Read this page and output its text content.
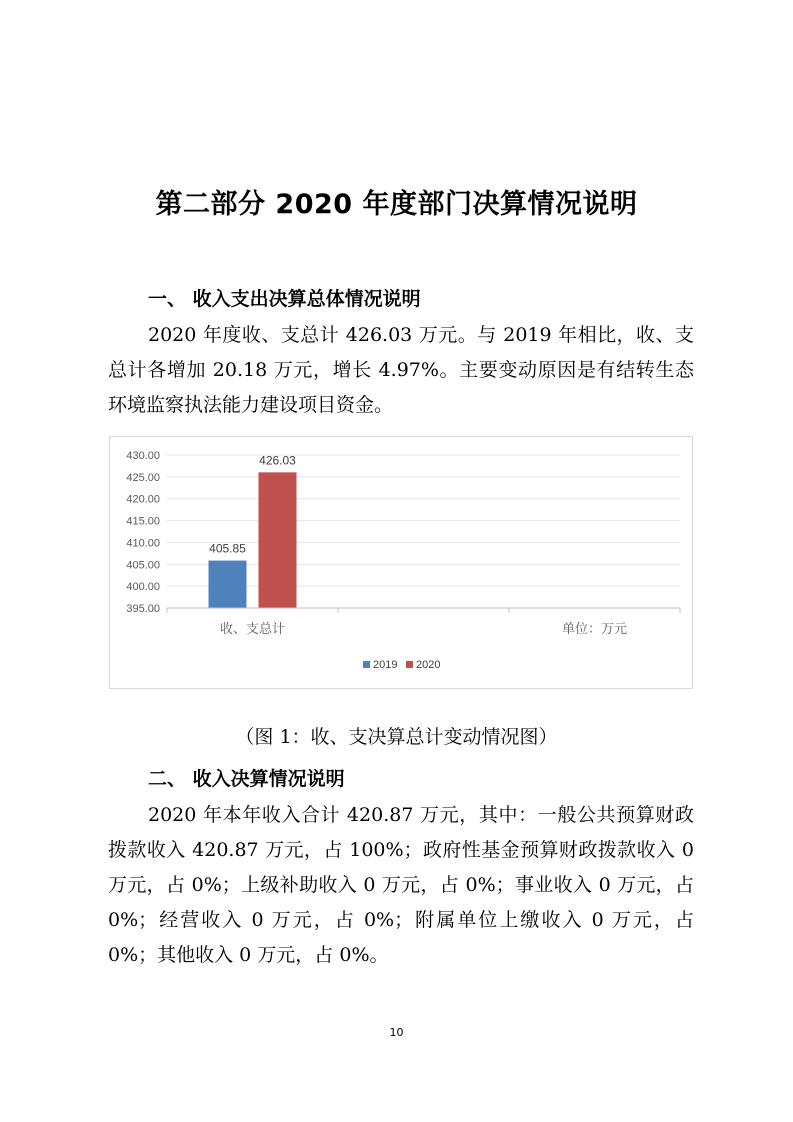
第二部分 2020 年度部门决算情况说明
一、 收入支出决算总体情况说明

2020 年度收、支总计 426.03 万元。与 2019 年相比，收、支总计各增加 20.18 万元，增长 4.97%。主要变动原因是有结转生态环境监察执法能力建设项目资金。

430.00
425.00
420.00
415.00
410.00
405.00
400.00
395.00
405.85
426.03
收、支总计	单位：万元
2019 2020
（图 1：收、支决算总计变动情况图）
二、 收入决算情况说明

2020 年本年收入合计 420.87 万元，其中：一般公共预算财政拨款收入 420.87 万元，占 100%；政府性基金预算财政拨款收入 0 万元，占 0%；上级补助收入 0 万元，占 0%；事业收入 0 万元，占 0%；经营收入 0 万元，占 0%；附属单位上缴收入 0 万元，占 0%；其他收入 0 万元，占 0%。

10
